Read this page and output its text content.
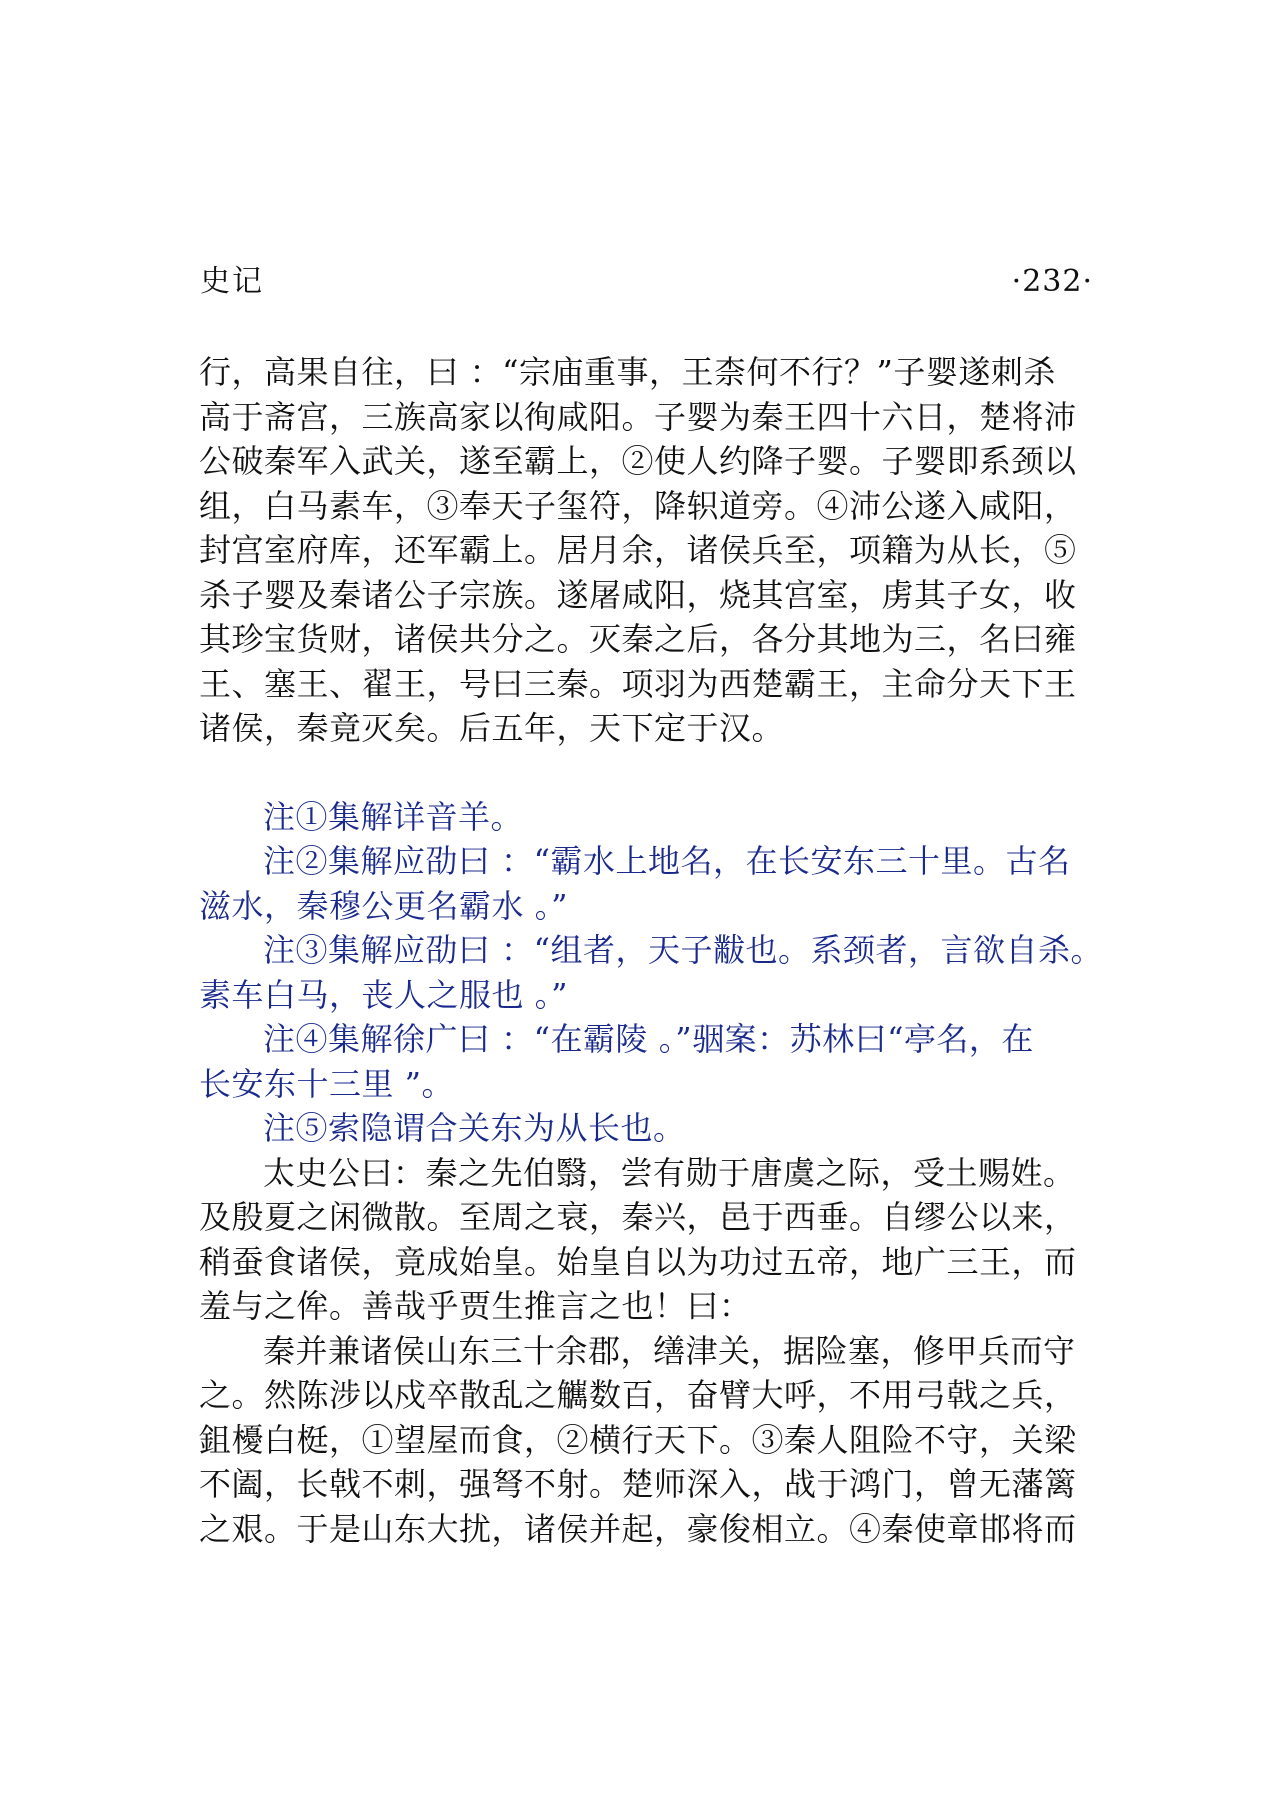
史记	·232·
行，高果自往，曰 ：“宗庙重事，王柰何不行？”子婴遂刺杀
高于斋宫，三族高家以徇咸阳。子婴为秦王四十六日，楚将沛
公破秦军入武关，遂至霸上，②使人约降子婴。子婴即系颈以
组，白马素车，③奉天子玺符，降轵道旁。④沛公遂入咸阳，
封宫室府库，还军霸上。居月余，诸侯兵至，项籍为从长，⑤
杀子婴及秦诸公子宗族。遂屠咸阳，烧其宫室，虏其子女，收
其珍宝货财，诸侯共分之。灭秦之后，各分其地为三，名曰雍
王、塞王、翟王，号曰三秦。项羽为西楚霸王，主命分天下王
诸侯，秦竟灭矣。后五年，天下定于汉。
注①集解详音羊。
注②集解应劭曰 ：“霸水上地名，在长安东三十里。古名
滋水，秦穆公更名霸水 。”
注③集解应劭曰 ：“组者，天子黻也。系颈者，言欲自杀。
素车白马，丧人之服也 。”
注④集解徐广曰 ：“在霸陵 。”骃案：苏林曰“亭名，在
长安东十三里 ”。
注⑤索隐谓合关东为从长也。
太史公曰：秦之先伯翳，尝有勋于唐虞之际，受土赐姓。
及殷夏之闲微散。至周之衰，秦兴，邑于西垂。自缪公以来，
稍蚕食诸侯，竟成始皇。始皇自以为功过五帝，地广三王，而
羞与之侔。善哉乎贾生推言之也！曰：
秦并兼诸侯山东三十余郡，缮津关，据险塞，修甲兵而守
之。然陈涉以戍卒散乱之觽数百，奋臂大呼，不用弓戟之兵，
鉏櫌白梃，①望屋而食，②横行天下。③秦人阻险不守，关梁
不阖，长戟不刺，强弩不射。楚师深入，战于鸿门，曾无藩篱
之艰。于是山东大扰，诸侯并起，豪俊相立。④秦使章邯将而
